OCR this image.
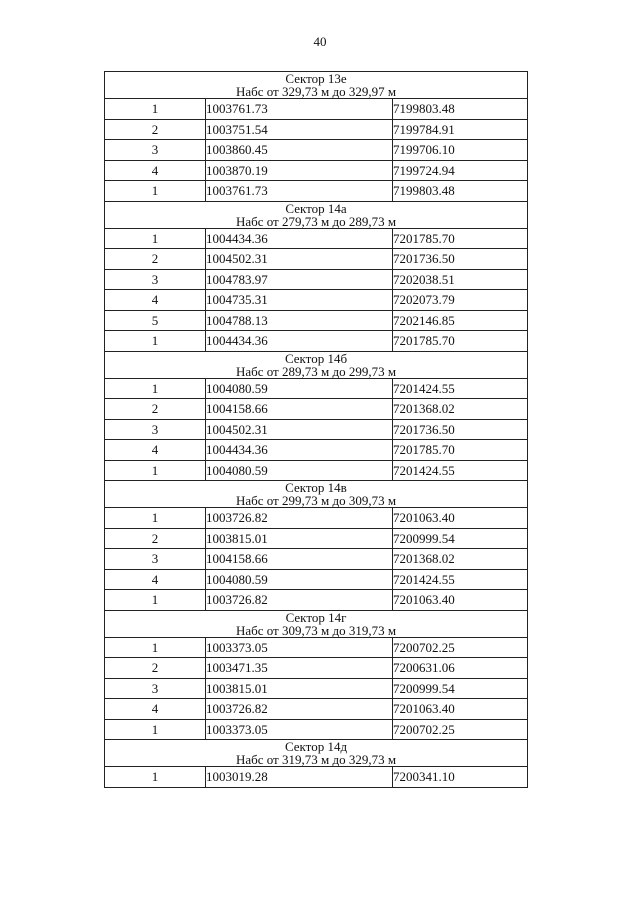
40
Сектор 13е
Набс от 329,73 м до 329,97 м		

1	1003761.73	7199803.48
2	1003751.54	7199784.91
3	1003860.45	7199706.10
4	1003870.19	7199724.94
1	1003761.73	7199803.48

Сектор 14а
Набс от 279,73 м до 289,73 м		

1	1004434.36	7201785.70
2	1004502.31	7201736.50
3	1004783.97	7202038.51
4	1004735.31	7202073.79
5	1004788.13	7202146.85
1	1004434.36	7201785.70

Сектор 14б
Набс от 289,73 м до 299,73 м		

1	1004080.59	7201424.55
2	1004158.66	7201368.02
3	1004502.31	7201736.50
4	1004434.36	7201785.70
1	1004080.59	7201424.55

Сектор 14в
Набс от 299,73 м до 309,73 м		

1	1003726.82	7201063.40
2	1003815.01	7200999.54
3	1004158.66	7201368.02
4	1004080.59	7201424.55
1	1003726.82	7201063.40

Сектор 14г
Набс от 309,73 м до 319,73 м		

1	1003373.05	7200702.25
2	1003471.35	7200631.06
3	1003815.01	7200999.54
4	1003726.82	7201063.40
1	1003373.05	7200702.25

Сектор 14д
Набс от 319,73 м до 329,73 м		

1	1003019.28	7200341.10
